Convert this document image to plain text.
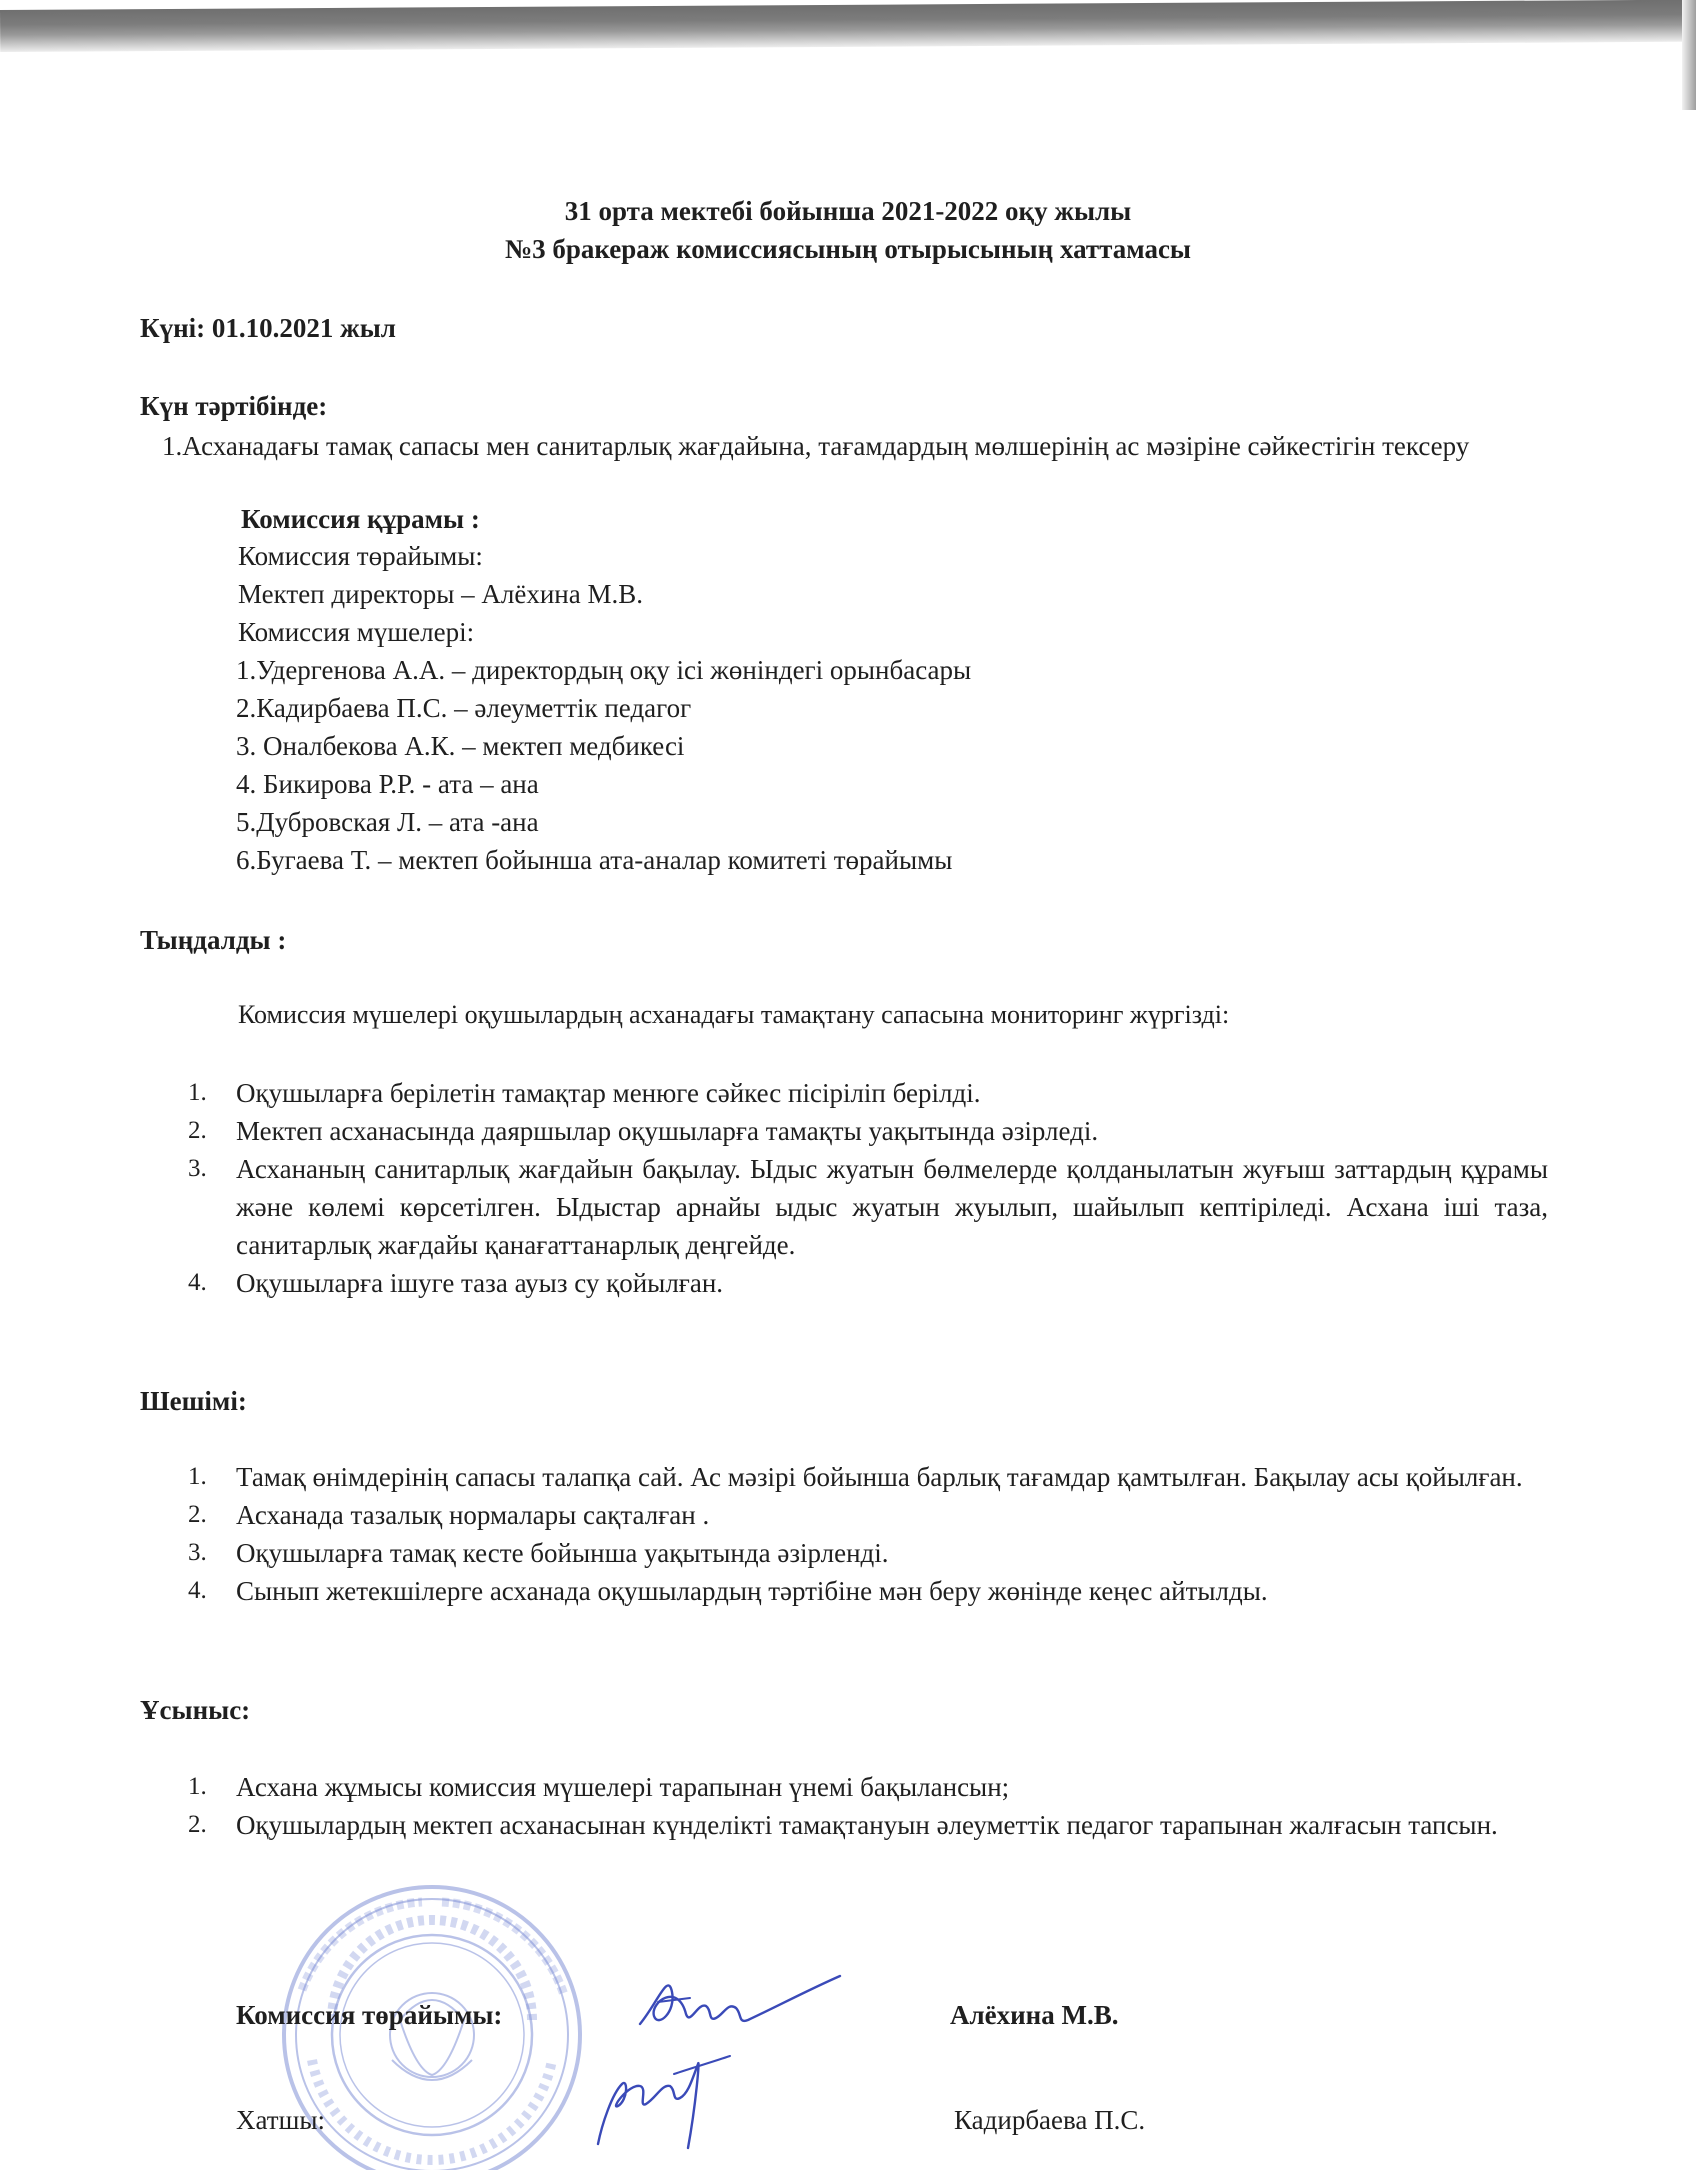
31 орта мектебі бойынша 2021-2022 оқу жылы
№3 бракераж комиссиясының отырысының хаттамасы
Күні: 01.10.2021 жыл
Күн тәртібінде:
1.Асханадағы тамақ сапасы мен санитарлық жағдайына, тағамдардың мөлшерінің ас мәзіріне сәйкестігін тексеру
Комиссия құрамы :
Комиссия төрайымы:
Мектеп директоры – Алёхина М.В.
Комиссия мүшелері:
1.Удергенова А.А. – директордың оқу ісі жөніндегі орынбасары
2.Кадирбаева П.С. – әлеуметтік педагог
3. Оналбекова А.К. – мектеп медбикесі
4. Бикирова Р.Р. - ата – ана
5.Дубровская Л. – ата -ана
6.Бугаева Т. – мектеп бойынша ата-аналар комитеті төрайымы
Тыңдалды :
Комиссия мүшелері оқушылардың асханадағы тамақтану сапасына мониторинг жүргізді:
1. Оқушыларға берілетін тамақтар менюге сәйкес пісіріліп берілді.
2. Мектеп асханасында даяршылар оқушыларға тамақты уақытында әзірледі.
3. Асхананың санитарлық жағдайын бақылау. Ыдыс жуатын бөлмелерде қолданылатын жуғыш заттардың құрамы және көлемі көрсетілген. Ыдыстар арнайы ыдыс жуатын жуылып, шайылып кептіріледі. Асхана іші таза, санитарлық жағдайы қанағаттанарлық деңгейде.
4. Оқушыларға ішуге таза ауыз су қойылған.
Шешімі:
1. Тамақ өнімдерінің сапасы талапқа сай. Ас мәзірі бойынша барлық тағамдар қамтылған. Бақылау асы қойылған.
2. Асханада тазалық нормалары сақталған .
3. Оқушыларға тамақ кесте бойынша уақытында әзірленді.
4. Сынып жетекшілерге асханада оқушылардың тәртібіне мән беру жөнінде кеңес айтылды.
Ұсыныс:
1. Асхана жұмысы комиссия мүшелері тарапынан үнемі бақылансын;
2. Оқушылардың мектеп асханасынан күнделікті тамақтануын әлеуметтік педагог тарапынан жалғасын тапсын.
Комиссия төрайымы:	Алёхина М.В.
Хатшы:	Кадирбаева П.С.
